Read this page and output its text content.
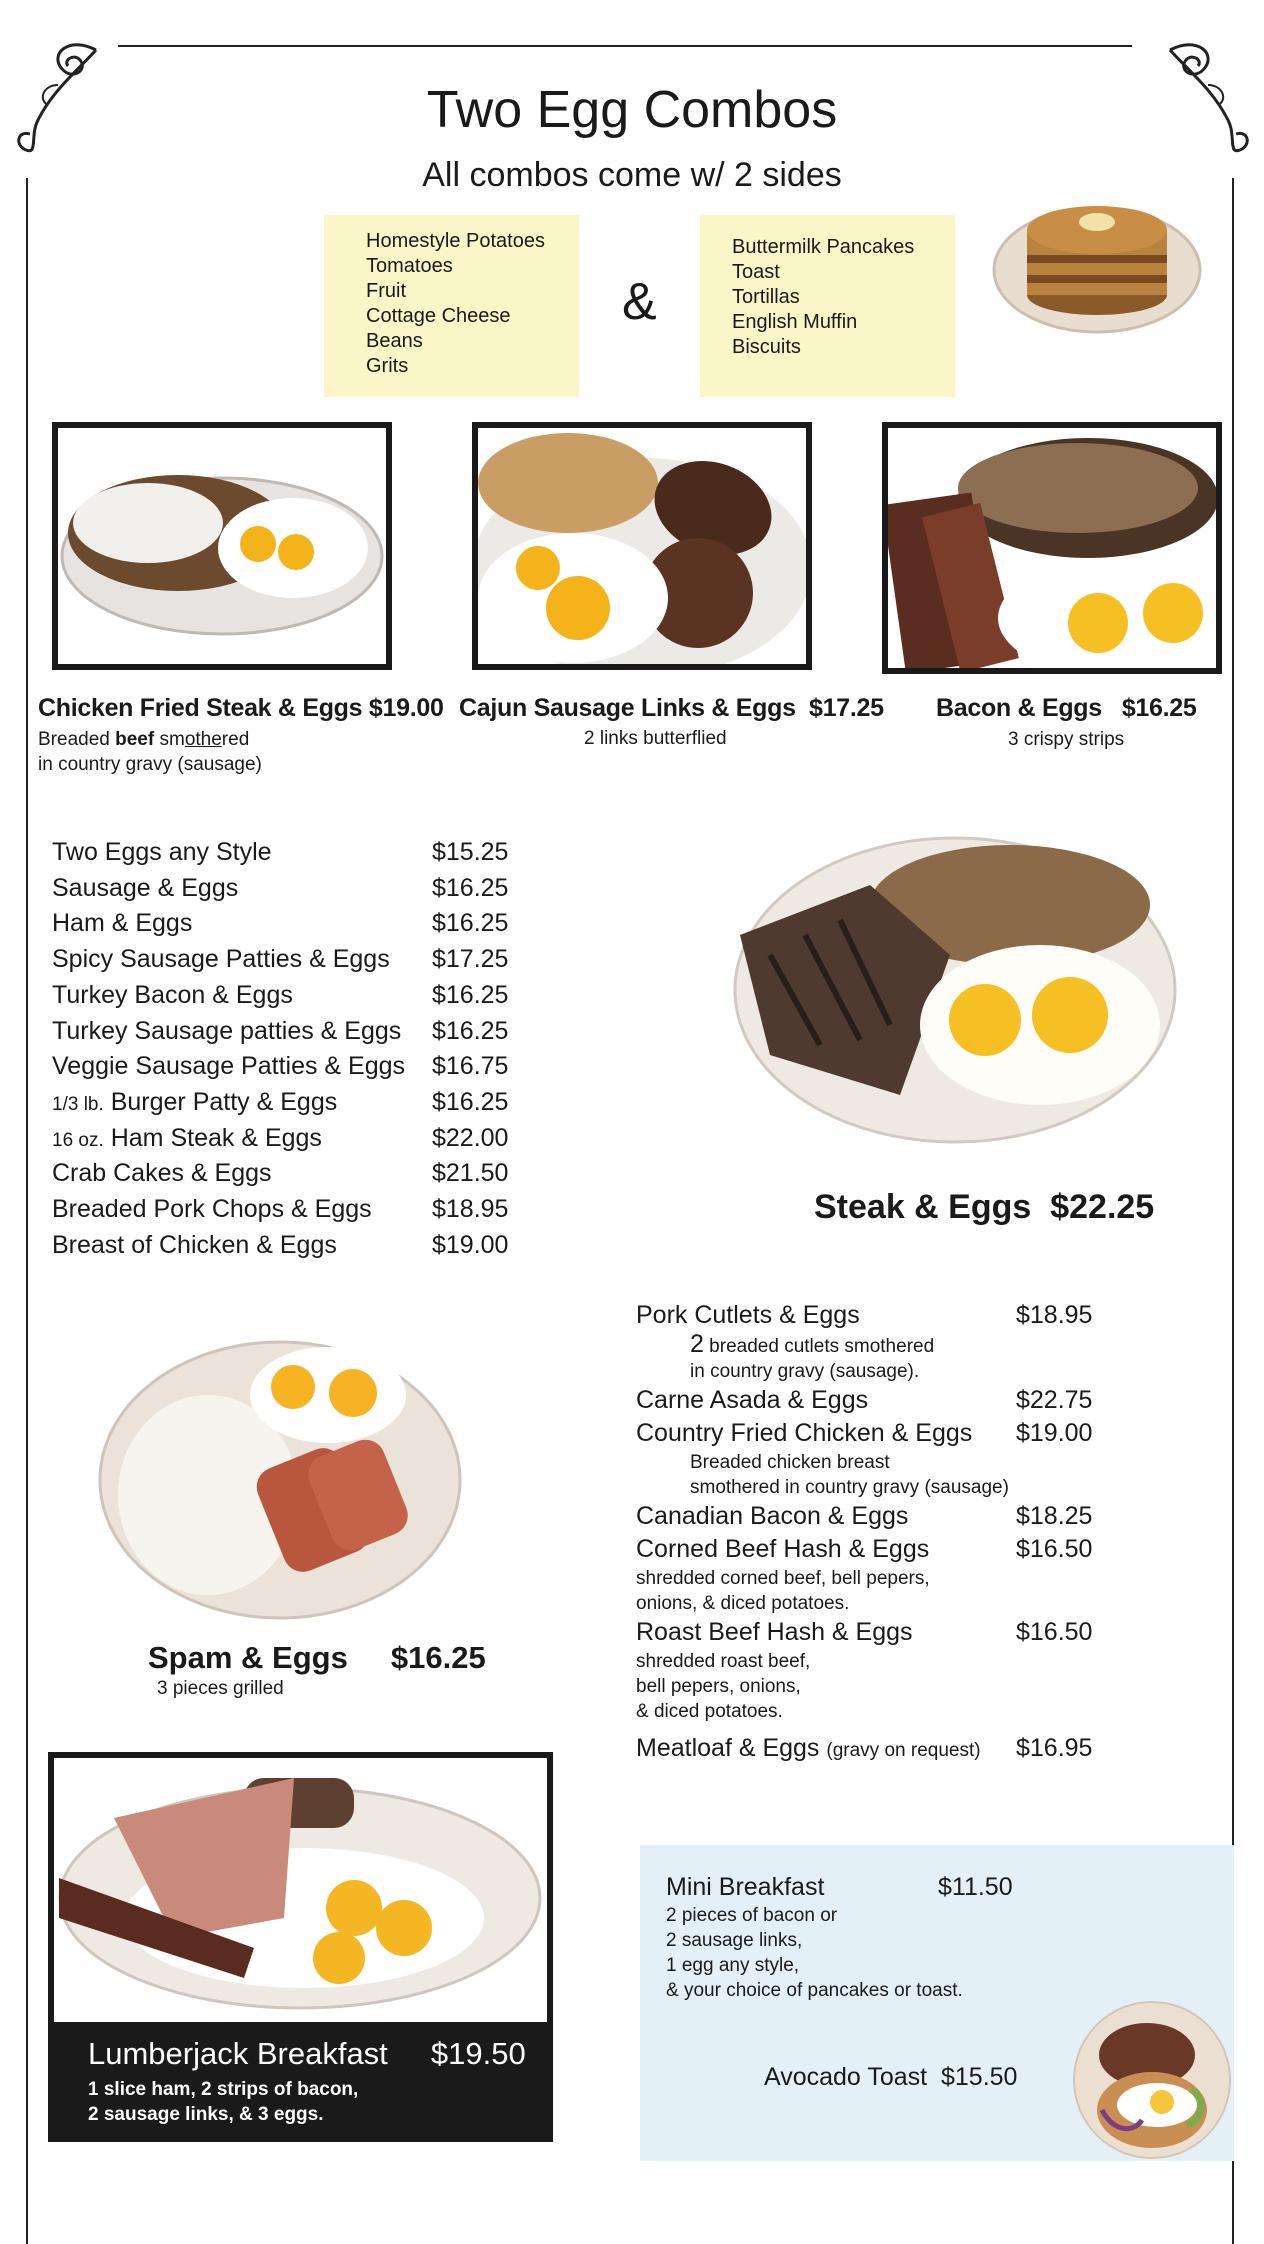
Two Egg Combos
All combos come w/ 2 sides
Homestyle Potatoes
Tomatoes
Fruit
Cottage Cheese
Beans
Grits
&
Buttermilk Pancakes
Toast
Tortillas
English Muffin
Biscuits
Chicken Fried Steak & Eggs $19.00
Breaded beef smothered
in country gravy (sausage)
Cajun Sausage Links & Eggs $17.25
2 links butterflied
Bacon & Eggs $16.25
3 crispy strips
Two Eggs any Style	$15.25
Sausage & Eggs	$16.25
Ham & Eggs	$16.25
Spicy Sausage Patties & Eggs	$17.25
Turkey Bacon & Eggs	$16.25
Turkey Sausage patties & Eggs	$16.25
Veggie Sausage Patties & Eggs	$16.75
1/3 lb. Burger Patty & Eggs	$16.25
16 oz. Ham Steak & Eggs	$22.00
Crab Cakes & Eggs	$21.50
Breaded Pork Chops & Eggs	$18.95
Breast of Chicken & Eggs	$19.00
Steak & Eggs $22.25
Pork Cutlets & Eggs	$18.95
2 breaded cutlets smothered
in country gravy (sausage).
Carne Asada & Eggs	$22.75
Country Fried Chicken & Eggs	$19.00
Breaded chicken breast
smothered in country gravy (sausage)
Canadian Bacon & Eggs	$18.25
Corned Beef Hash & Eggs	$16.50
shredded corned beef, bell pepers,
onions, & diced potatoes.
Roast Beef Hash & Eggs	$16.50
shredded roast beef,
bell pepers, onions,
& diced potatoes.
Meatloaf & Eggs (gravy on request)	$16.95
Spam & Eggs $16.25
3 pieces grilled
Lumberjack Breakfast $19.50
1 slice ham, 2 strips of bacon,
2 sausage links, & 3 eggs.
Mini Breakfast	$11.50
2 pieces of bacon or
2 sausage links,
1 egg any style,
& your choice of pancakes or toast.
Avocado Toast $15.50
